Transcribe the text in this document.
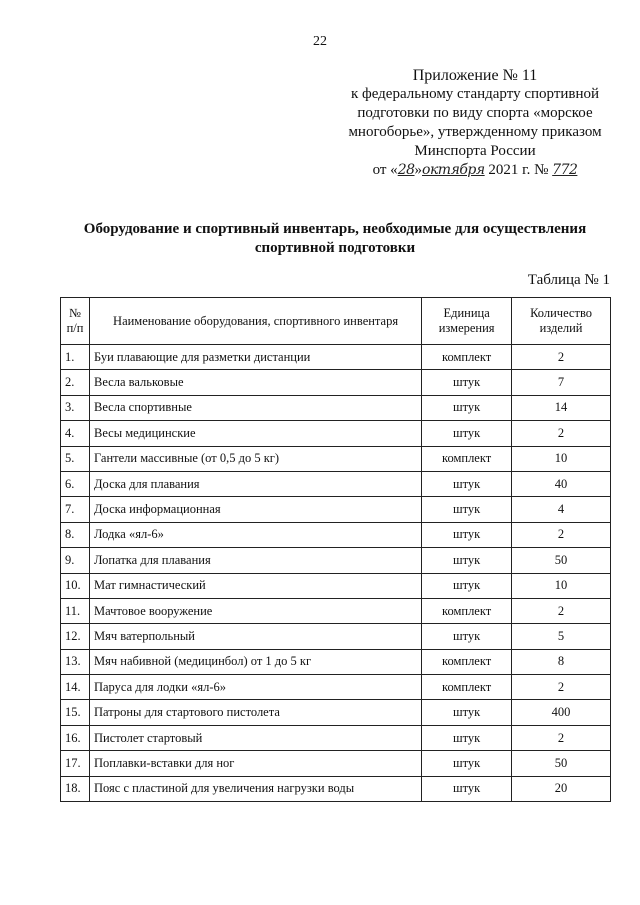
22
Приложение № 11
к федеральному стандарту спортивной
подготовки по виду спорта «морское
многоборье», утвержденному приказом
Минспорта России
от «28»октября 2021 г. № 772
Оборудование и спортивный инвентарь, необходимые для осуществления спортивной подготовки
Таблица № 1
№ п/п	Наименование оборудования, спортивного инвентаря	Единица измерения	Количество изделий
1.	Буи плавающие для разметки дистанции	комплект	2
2.	Весла вальковые	штук	7
3.	Весла спортивные	штук	14
4.	Весы медицинские	штук	2
5.	Гантели массивные (от 0,5 до 5 кг)	комплект	10
6.	Доска для плавания	штук	40
7.	Доска информационная	штук	4
8.	Лодка «ял-6»	штук	2
9.	Лопатка для плавания	штук	50
10.	Мат гимнастический	штук	10
11.	Мачтовое вооружение	комплект	2
12.	Мяч ватерпольный	штук	5
13.	Мяч набивной (медицинбол) от 1 до 5 кг	комплект	8
14.	Паруса для лодки «ял-6»	комплект	2
15.	Патроны для стартового пистолета	штук	400
16.	Пистолет стартовый	штук	2
17.	Поплавки-вставки для ног	штук	50
18.	Пояс с пластиной для увеличения нагрузки воды	штук	20
